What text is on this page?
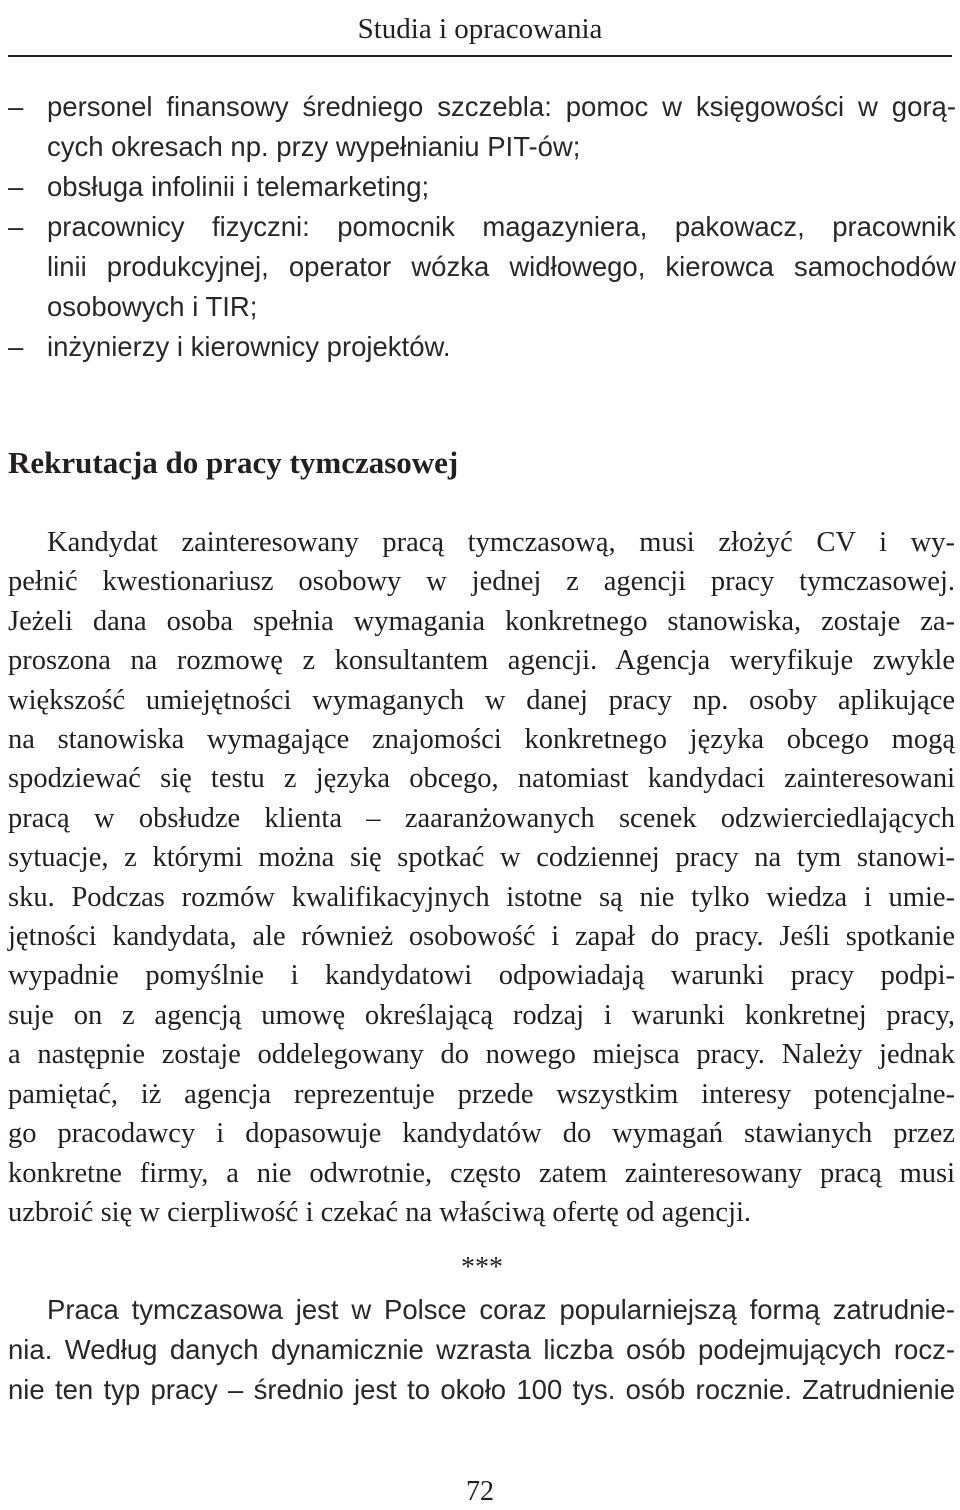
Studia i opracowania
– personel finansowy średniego szczebla: pomoc w księgowości w gorą-
cych okresach np. przy wypełnianiu PIT-ów;
– obsługa infolinii i telemarketing;
– pracownicy fizyczni: pomocnik magazyniera, pakowacz, pracownik
linii produkcyjnej, operator wózka widłowego, kierowca samochodów
osobowych i TIR;
– inżynierzy i kierownicy projektów.
Rekrutacja do pracy tymczasowej
Kandydat zainteresowany pracą tymczasową, musi złożyć CV i wy-
pełnić kwestionariusz osobowy w jednej z agencji pracy tymczasowej.
Jeżeli dana osoba spełnia wymagania konkretnego stanowiska, zostaje za-
proszona na rozmowę z konsultantem agencji. Agencja weryfikuje zwykle
większość umiejętności wymaganych w danej pracy np. osoby aplikujące
na stanowiska wymagające znajomości konkretnego języka obcego mogą
spodziewać się testu z języka obcego, natomiast kandydaci zainteresowani
pracą w obsłudze klienta – zaaranżowanych scenek odzwierciedlających
sytuacje, z którymi można się spotkać w codziennej pracy na tym stanowi-
sku. Podczas rozmów kwalifikacyjnych istotne są nie tylko wiedza i umie-
jętności kandydata, ale również osobowość i zapał do pracy. Jeśli spotkanie
wypadnie pomyślnie i kandydatowi odpowiadają warunki pracy podpi-
suje on z agencją umowę określającą rodzaj i warunki konkretnej pracy,
a następnie zostaje oddelegowany do nowego miejsca pracy. Należy jednak
pamiętać, iż agencja reprezentuje przede wszystkim interesy potencjalne-
go pracodawcy i dopasowuje kandydatów do wymagań stawianych przez
konkretne firmy, a nie odwrotnie, często zatem zainteresowany pracą musi
uzbroić się w cierpliwość i czekać na właściwą ofertę od agencji.
***
Praca tymczasowa jest w Polsce coraz popularniejszą formą zatrudnie-
nia. Według danych dynamicznie wzrasta liczba osób podejmujących rocz-
nie ten typ pracy – średnio jest to około 100 tys. osób rocznie. Zatrudnienie
72
